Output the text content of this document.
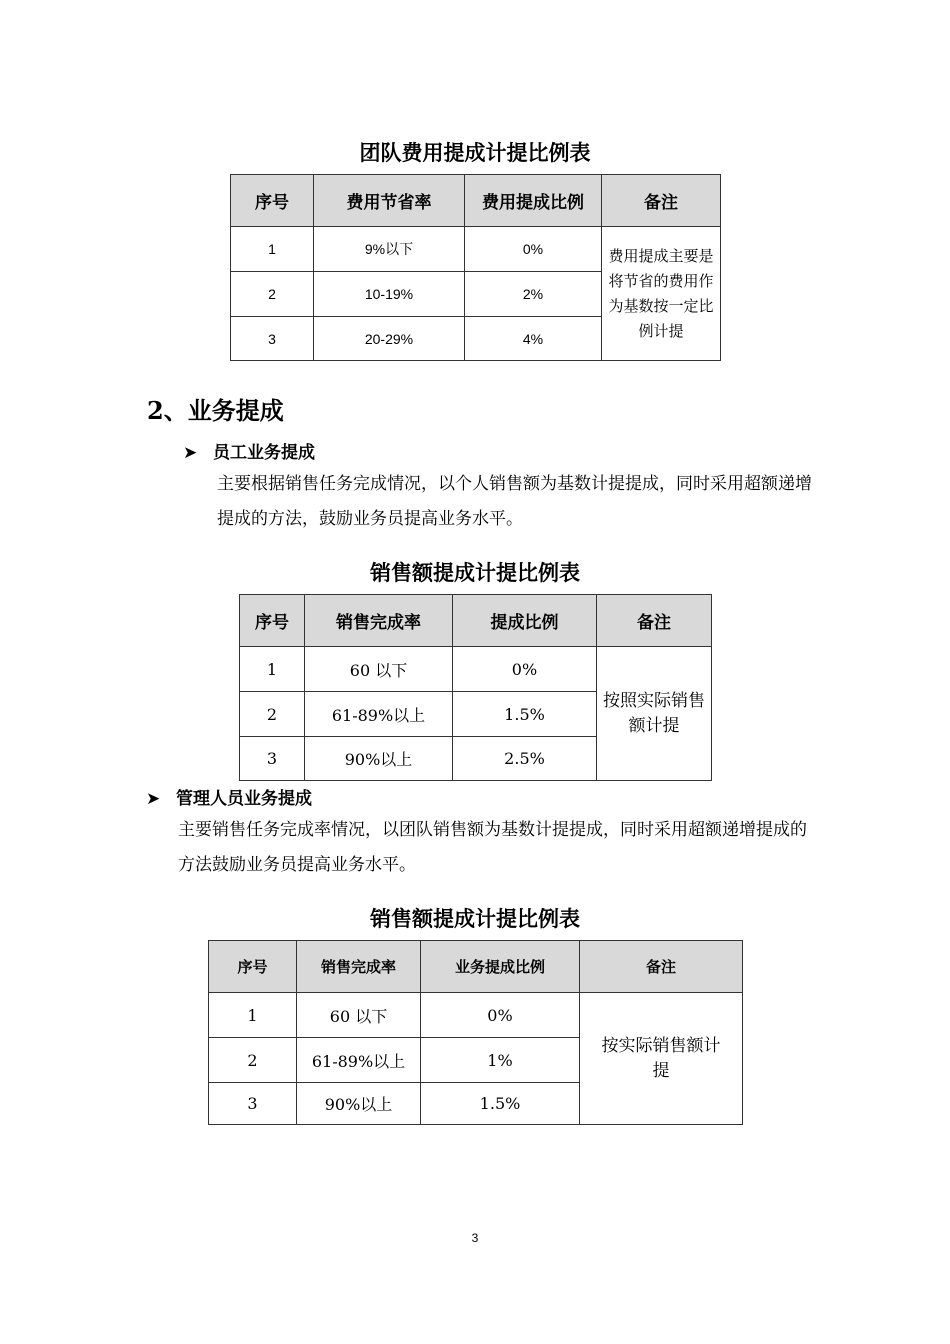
团队费用提成计提比例表
序号	费用节省率	费用提成比例	备注
1	9%以下	0%	费用提成主要是将节省的费用作为基数按一定比例计提
2	10-19%	2%	
3	20-29%	4%	
2、业务提成
➤ 员工业务提成
主要根据销售任务完成情况，以个人销售额为基数计提提成，同时采用超额递增提成的方法，鼓励业务员提高业务水平。
销售额提成计提比例表
序号	销售完成率	提成比例	备注
1	60 以下	0%	按照实际销售额计提
2	61-89%以上	1.5%	
3	90%以上	2.5%	
➤ 管理人员业务提成
主要销售任务完成率情况，以团队销售额为基数计提提成，同时采用超额递增提成的方法鼓励业务员提高业务水平。
销售额提成计提比例表
序号	销售完成率	业务提成比例	备注
1	60 以下	0%	按实际销售额计提
2	61-89%以上	1%	
3	90%以上	1.5%	
3
